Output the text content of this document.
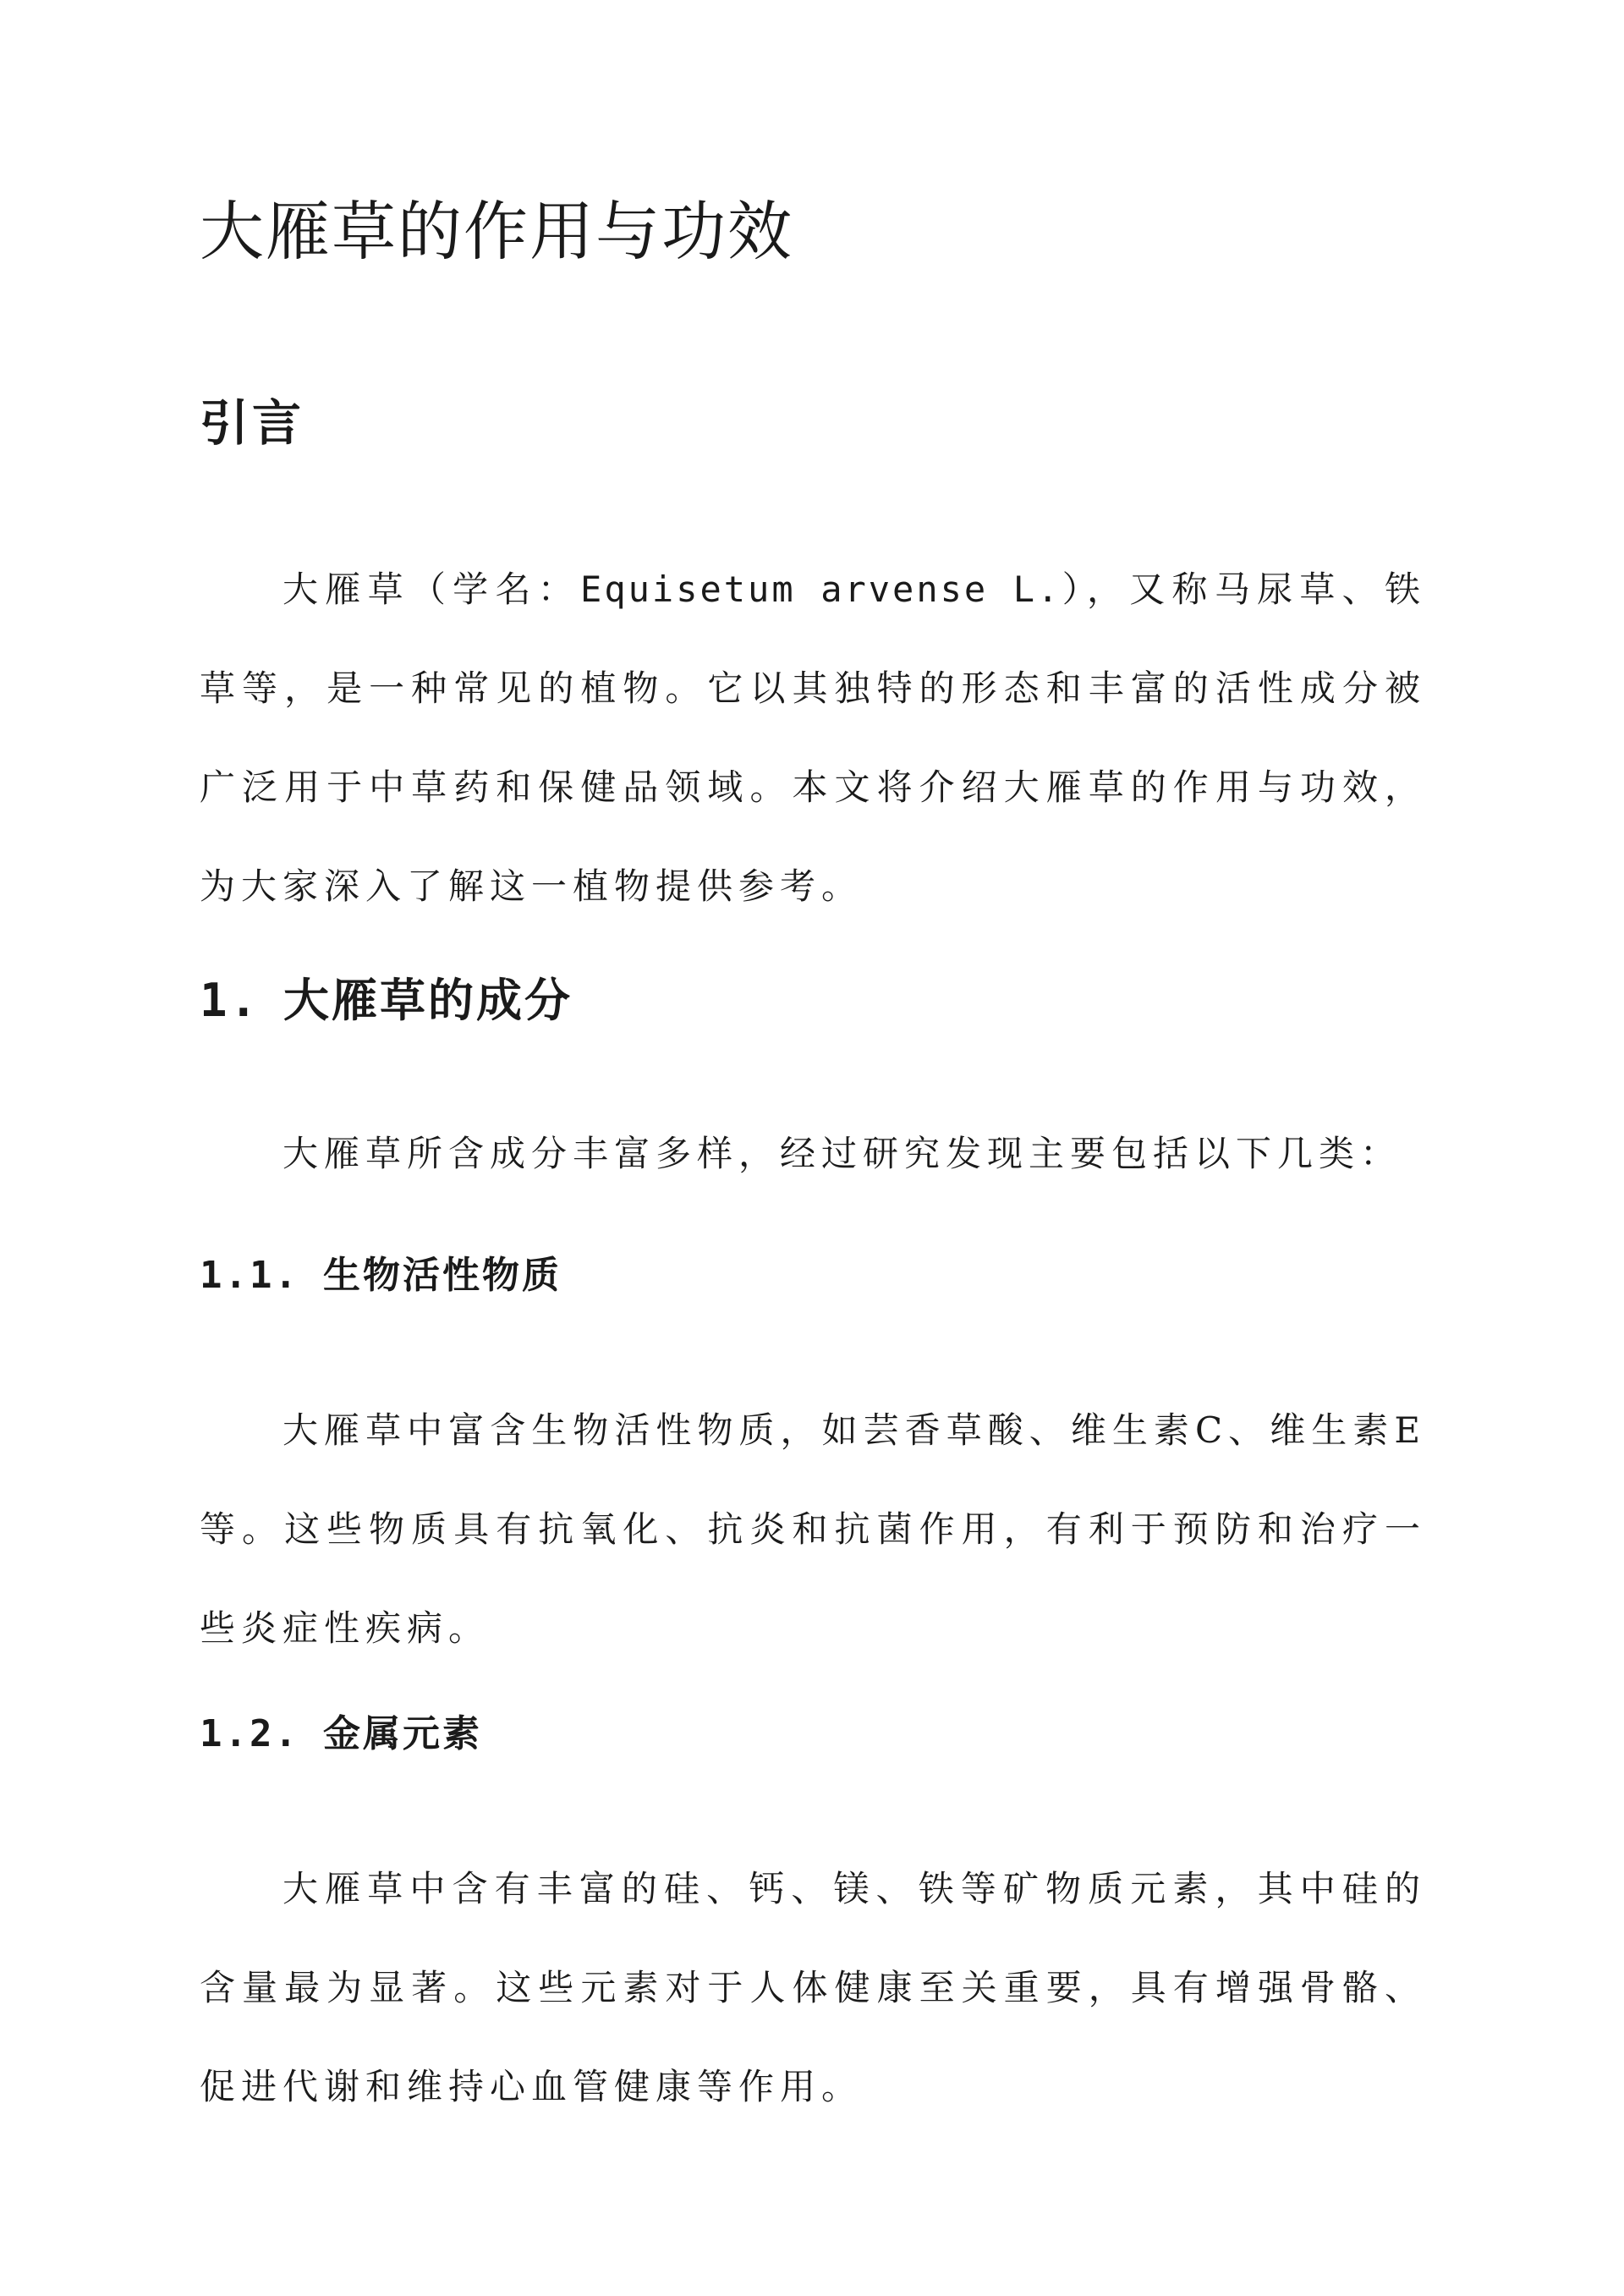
大雁草的作用与功效
引言

大雁草（学名：Equisetum arvense L.），又称马尿草、铁草等，是一种常见的植物。它以其独特的形态和丰富的活性成分被广泛用于中草药和保健品领域。本文将介绍大雁草的作用与功效，为大家深入了解这一植物提供参考。

1. 大雁草的成分

大雁草所含成分丰富多样，经过研究发现主要包括以下几类：

1.1. 生物活性物质

大雁草中富含生物活性物质，如芸香草酸、维生素C、维生素E等。这些物质具有抗氧化、抗炎和抗菌作用，有利于预防和治疗一些炎症性疾病。

1.2. 金属元素

大雁草中含有丰富的硅、钙、镁、铁等矿物质元素，其中硅的含量最为显著。这些元素对于人体健康至关重要，具有增强骨骼、促进代谢和维持心血管健康等作用。
